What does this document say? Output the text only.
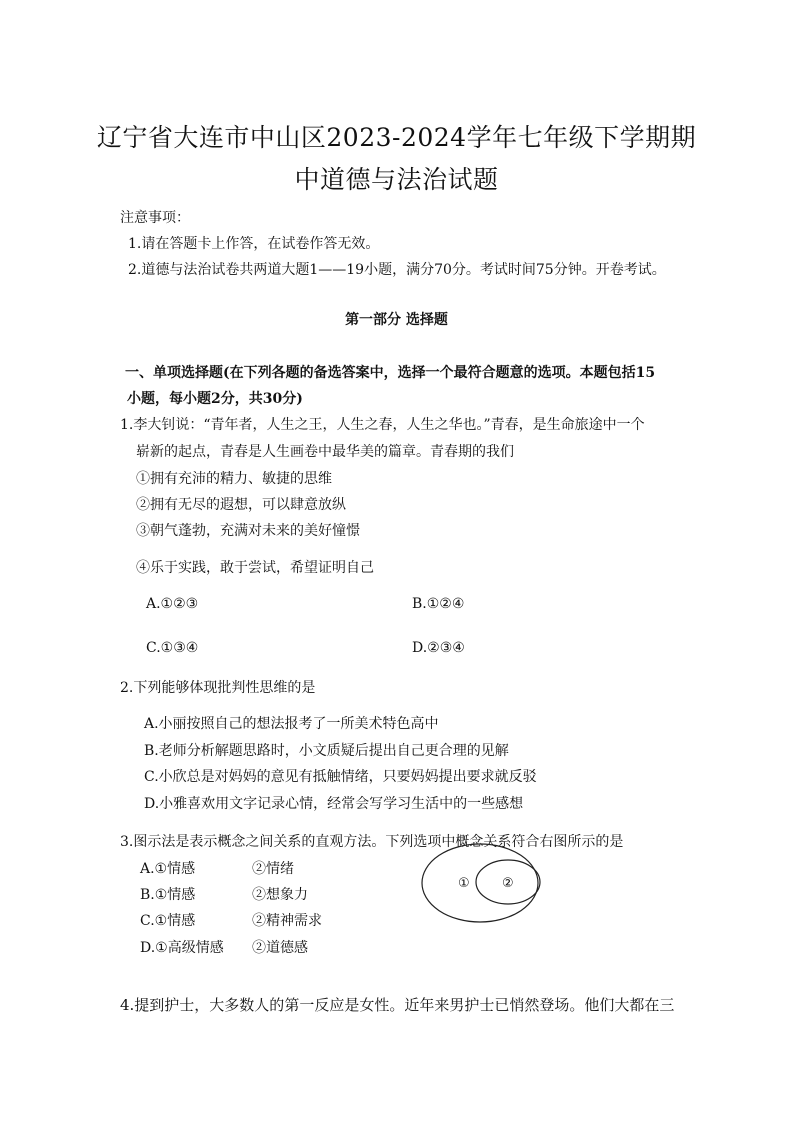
辽宁省大连市中山区2023-2024学年七年级下学期期
中道德与法治试题
注意事项：
1.请在答题卡上作答，在试卷作答无效。
2.道德与法治试卷共两道大题1——19小题，满分70分。考试时间75分钟。开卷考试。
第一部分 选择题
一、单项选择题(在下列各题的备选答案中，选择一个最符合题意的选项。本题包括15
小题，每小题2分，共30分)
1.李大钊说：“青年者，人生之王，人生之春，人生之华也。”青春，是生命旅途中一个
崭新的起点，青春是人生画卷中最华美的篇章。青春期的我们
①拥有充沛的精力、敏捷的思维
②拥有无尽的遐想，可以肆意放纵
③朝气蓬勃，充满对未来的美好憧憬
④乐于实践，敢于尝试，希望证明自己
A.①②③	B.①②④
C.①③④	D.②③④
2.下列能够体现批判性思维的是
A.小丽按照自己的想法报考了一所美术特色高中
B.老师分析解题思路时，小文质疑后提出自己更合理的见解
C.小欣总是对妈妈的意见有抵触情绪，只要妈妈提出要求就反驳
D.小雅喜欢用文字记录心情，经常会写学习生活中的一些感想
3.图示法是表示概念之间关系的直观方法。下列选项中概念关系符合右图所示的是
A.①情感	②情绪
B.①情感	②想象力
C.①情感	②精神需求
D.①高级情感 ②道德感
① ②
4.提到护士，大多数人的第一反应是女性。近年来男护士已悄然登场。他们大都在三
